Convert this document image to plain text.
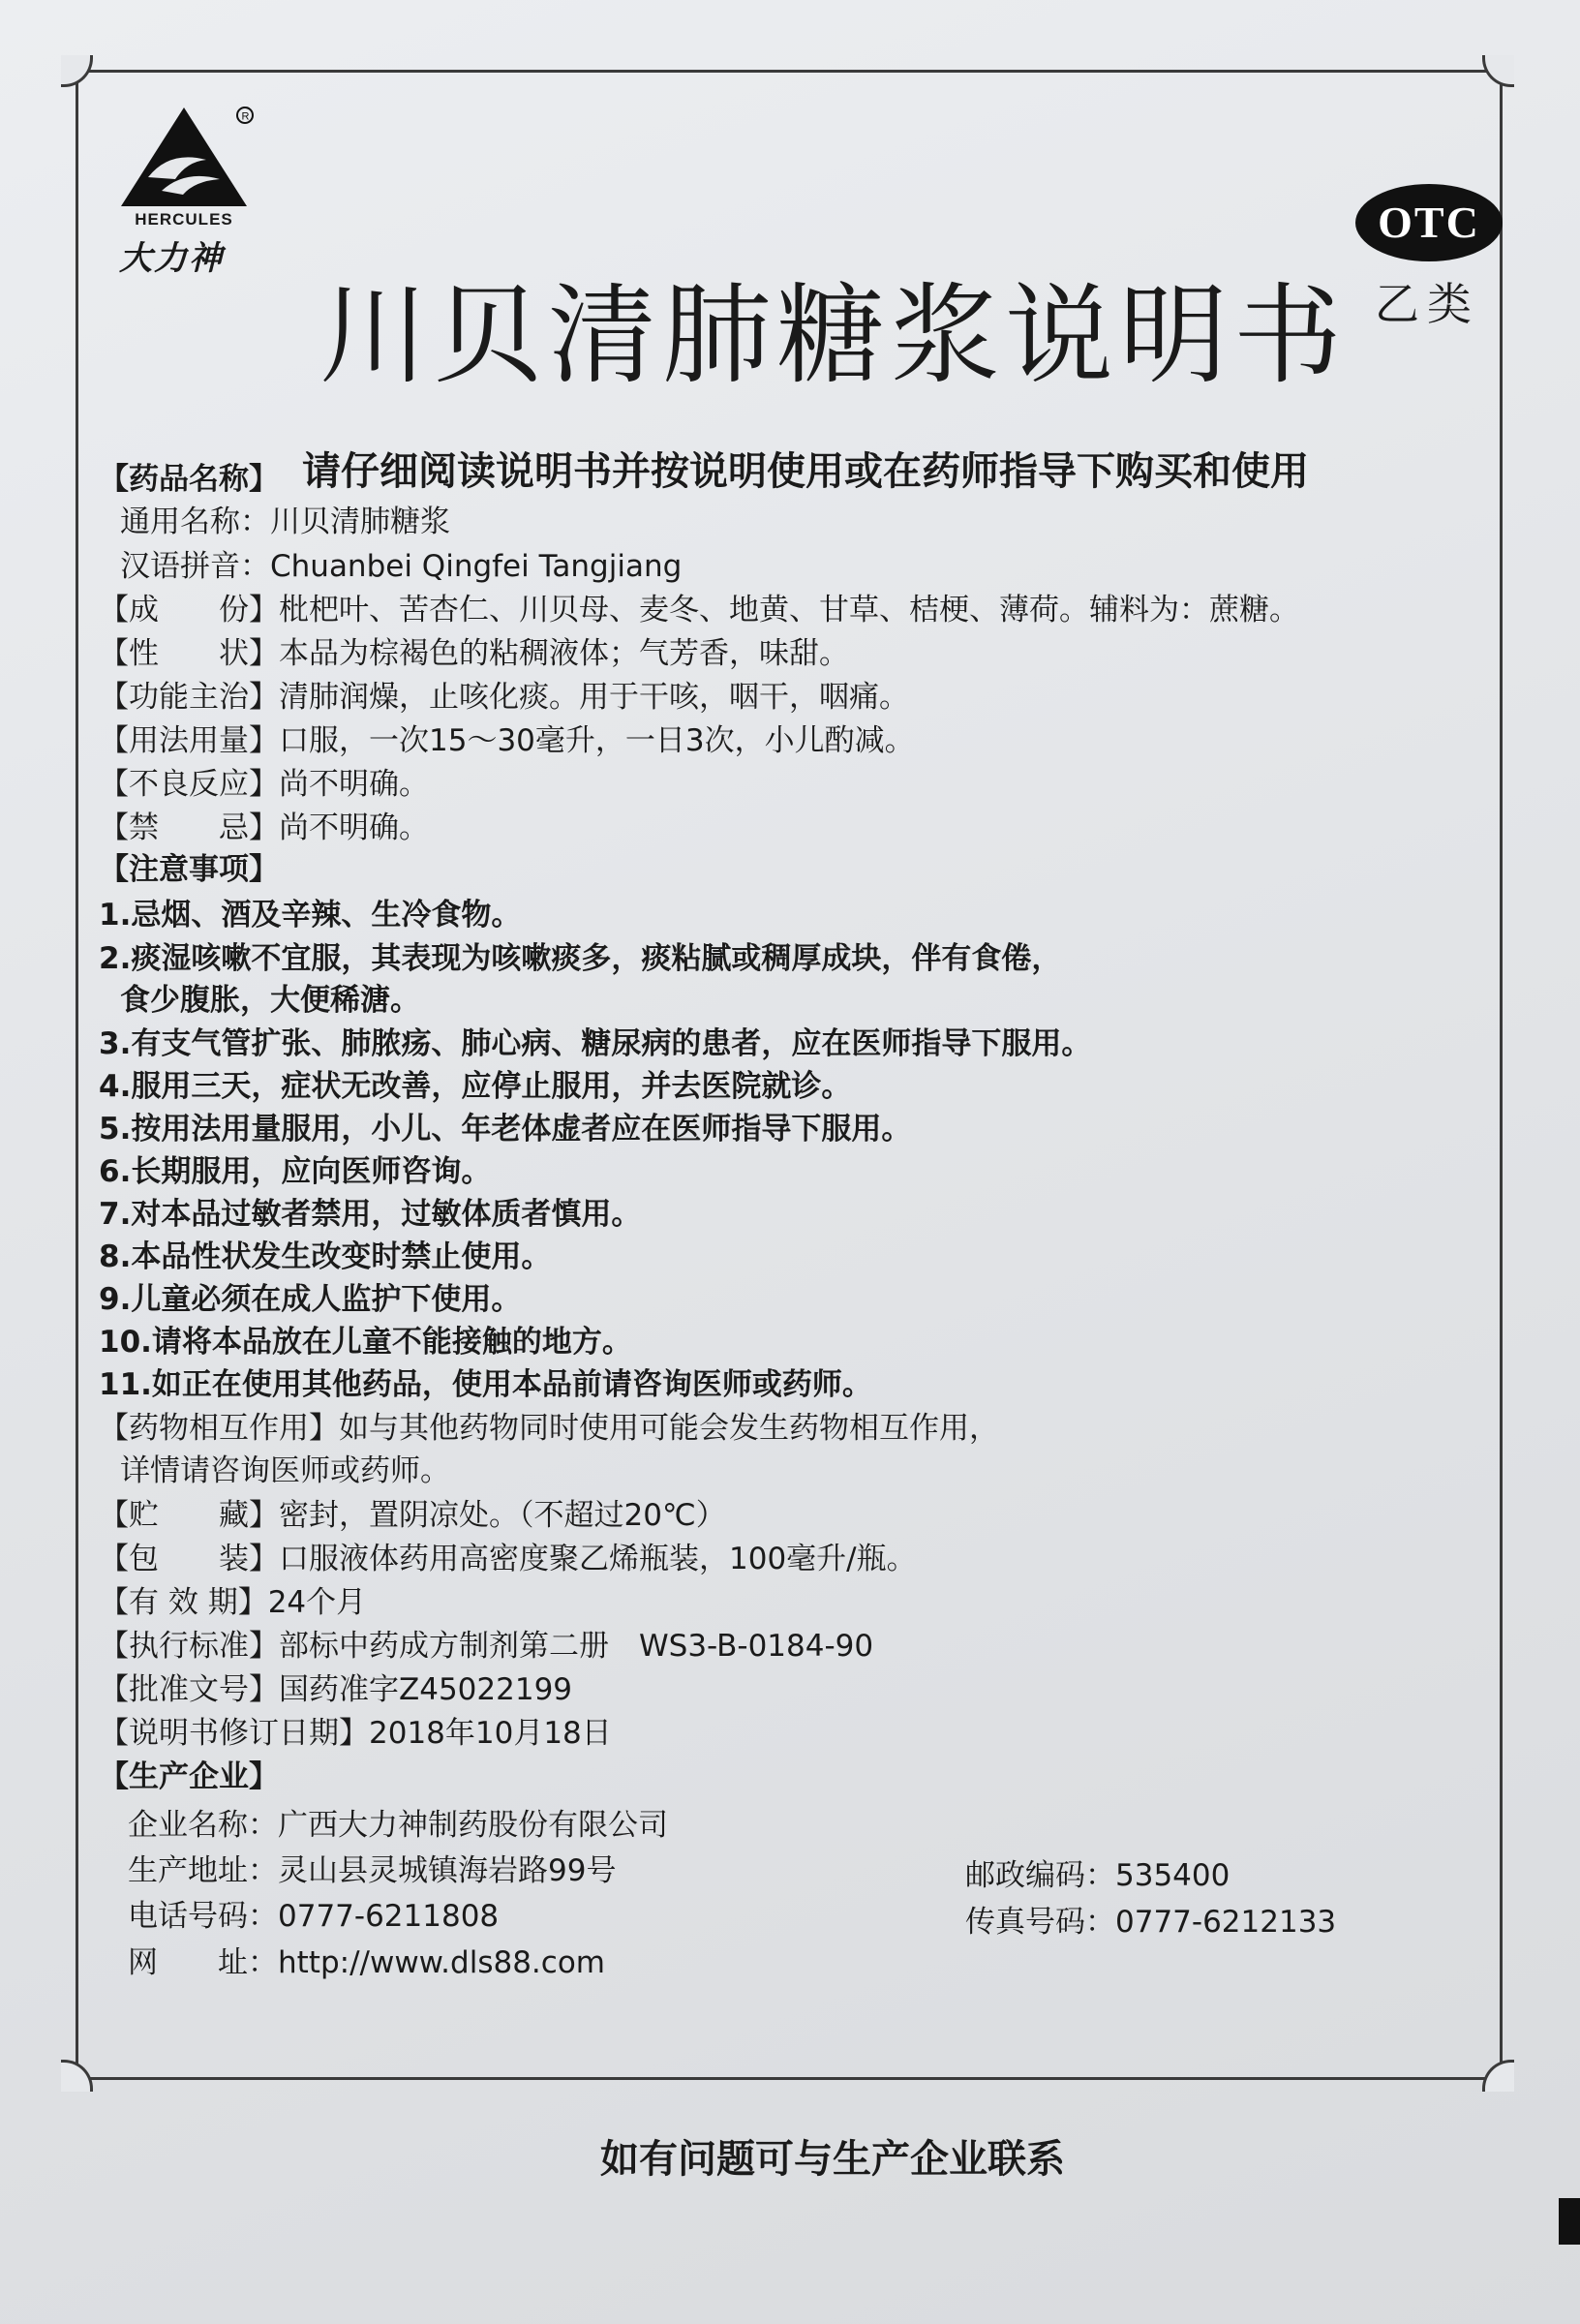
R
HERCULES
大力神
OTC
乙类
川贝清肺糖浆说明书
请仔细阅读说明书并按说明使用或在药师指导下购买和使用
【药品名称】
通用名称：川贝清肺糖浆
汉语拼音：Chuanbei Qingfei Tangjiang
【成　　份】枇杷叶、苦杏仁、川贝母、麦冬、地黄、甘草、桔梗、薄荷。辅料为：蔗糖。
【性　　状】本品为棕褐色的粘稠液体；气芳香，味甜。
【功能主治】清肺润燥，止咳化痰。用于干咳，咽干，咽痛。
【用法用量】口服，一次15～30毫升，一日3次，小儿酌减。
【不良反应】尚不明确。
【禁　　忌】尚不明确。
【注意事项】
1.忌烟、酒及辛辣、生冷食物。
2.痰湿咳嗽不宜服，其表现为咳嗽痰多，痰粘腻或稠厚成块，伴有食倦，
食少腹胀，大便稀溏。
3.有支气管扩张、肺脓疡、肺心病、糖尿病的患者，应在医师指导下服用。
4.服用三天，症状无改善，应停止服用，并去医院就诊。
5.按用法用量服用，小儿、年老体虚者应在医师指导下服用。
6.长期服用，应向医师咨询。
7.对本品过敏者禁用，过敏体质者慎用。
8.本品性状发生改变时禁止使用。
9.儿童必须在成人监护下使用。
10.请将本品放在儿童不能接触的地方。
11.如正在使用其他药品，使用本品前请咨询医师或药师。
【药物相互作用】如与其他药物同时使用可能会发生药物相互作用，
详情请咨询医师或药师。
【贮　　藏】密封，置阴凉处。（不超过20℃）
【包　　装】口服液体药用高密度聚乙烯瓶装，100毫升/瓶。
【有 效 期】24个月
【执行标准】部标中药成方制剂第二册　WS3-B-0184-90
【批准文号】国药准字Z45022199
【说明书修订日期】2018年10月18日
【生产企业】
企业名称：广西大力神制药股份有限公司
生产地址：灵山县灵城镇海岩路99号	邮政编码：535400
电话号码：0777-6211808	传真号码：0777-6212133
网　　址：http://www.dls88.com
如有问题可与生产企业联系
